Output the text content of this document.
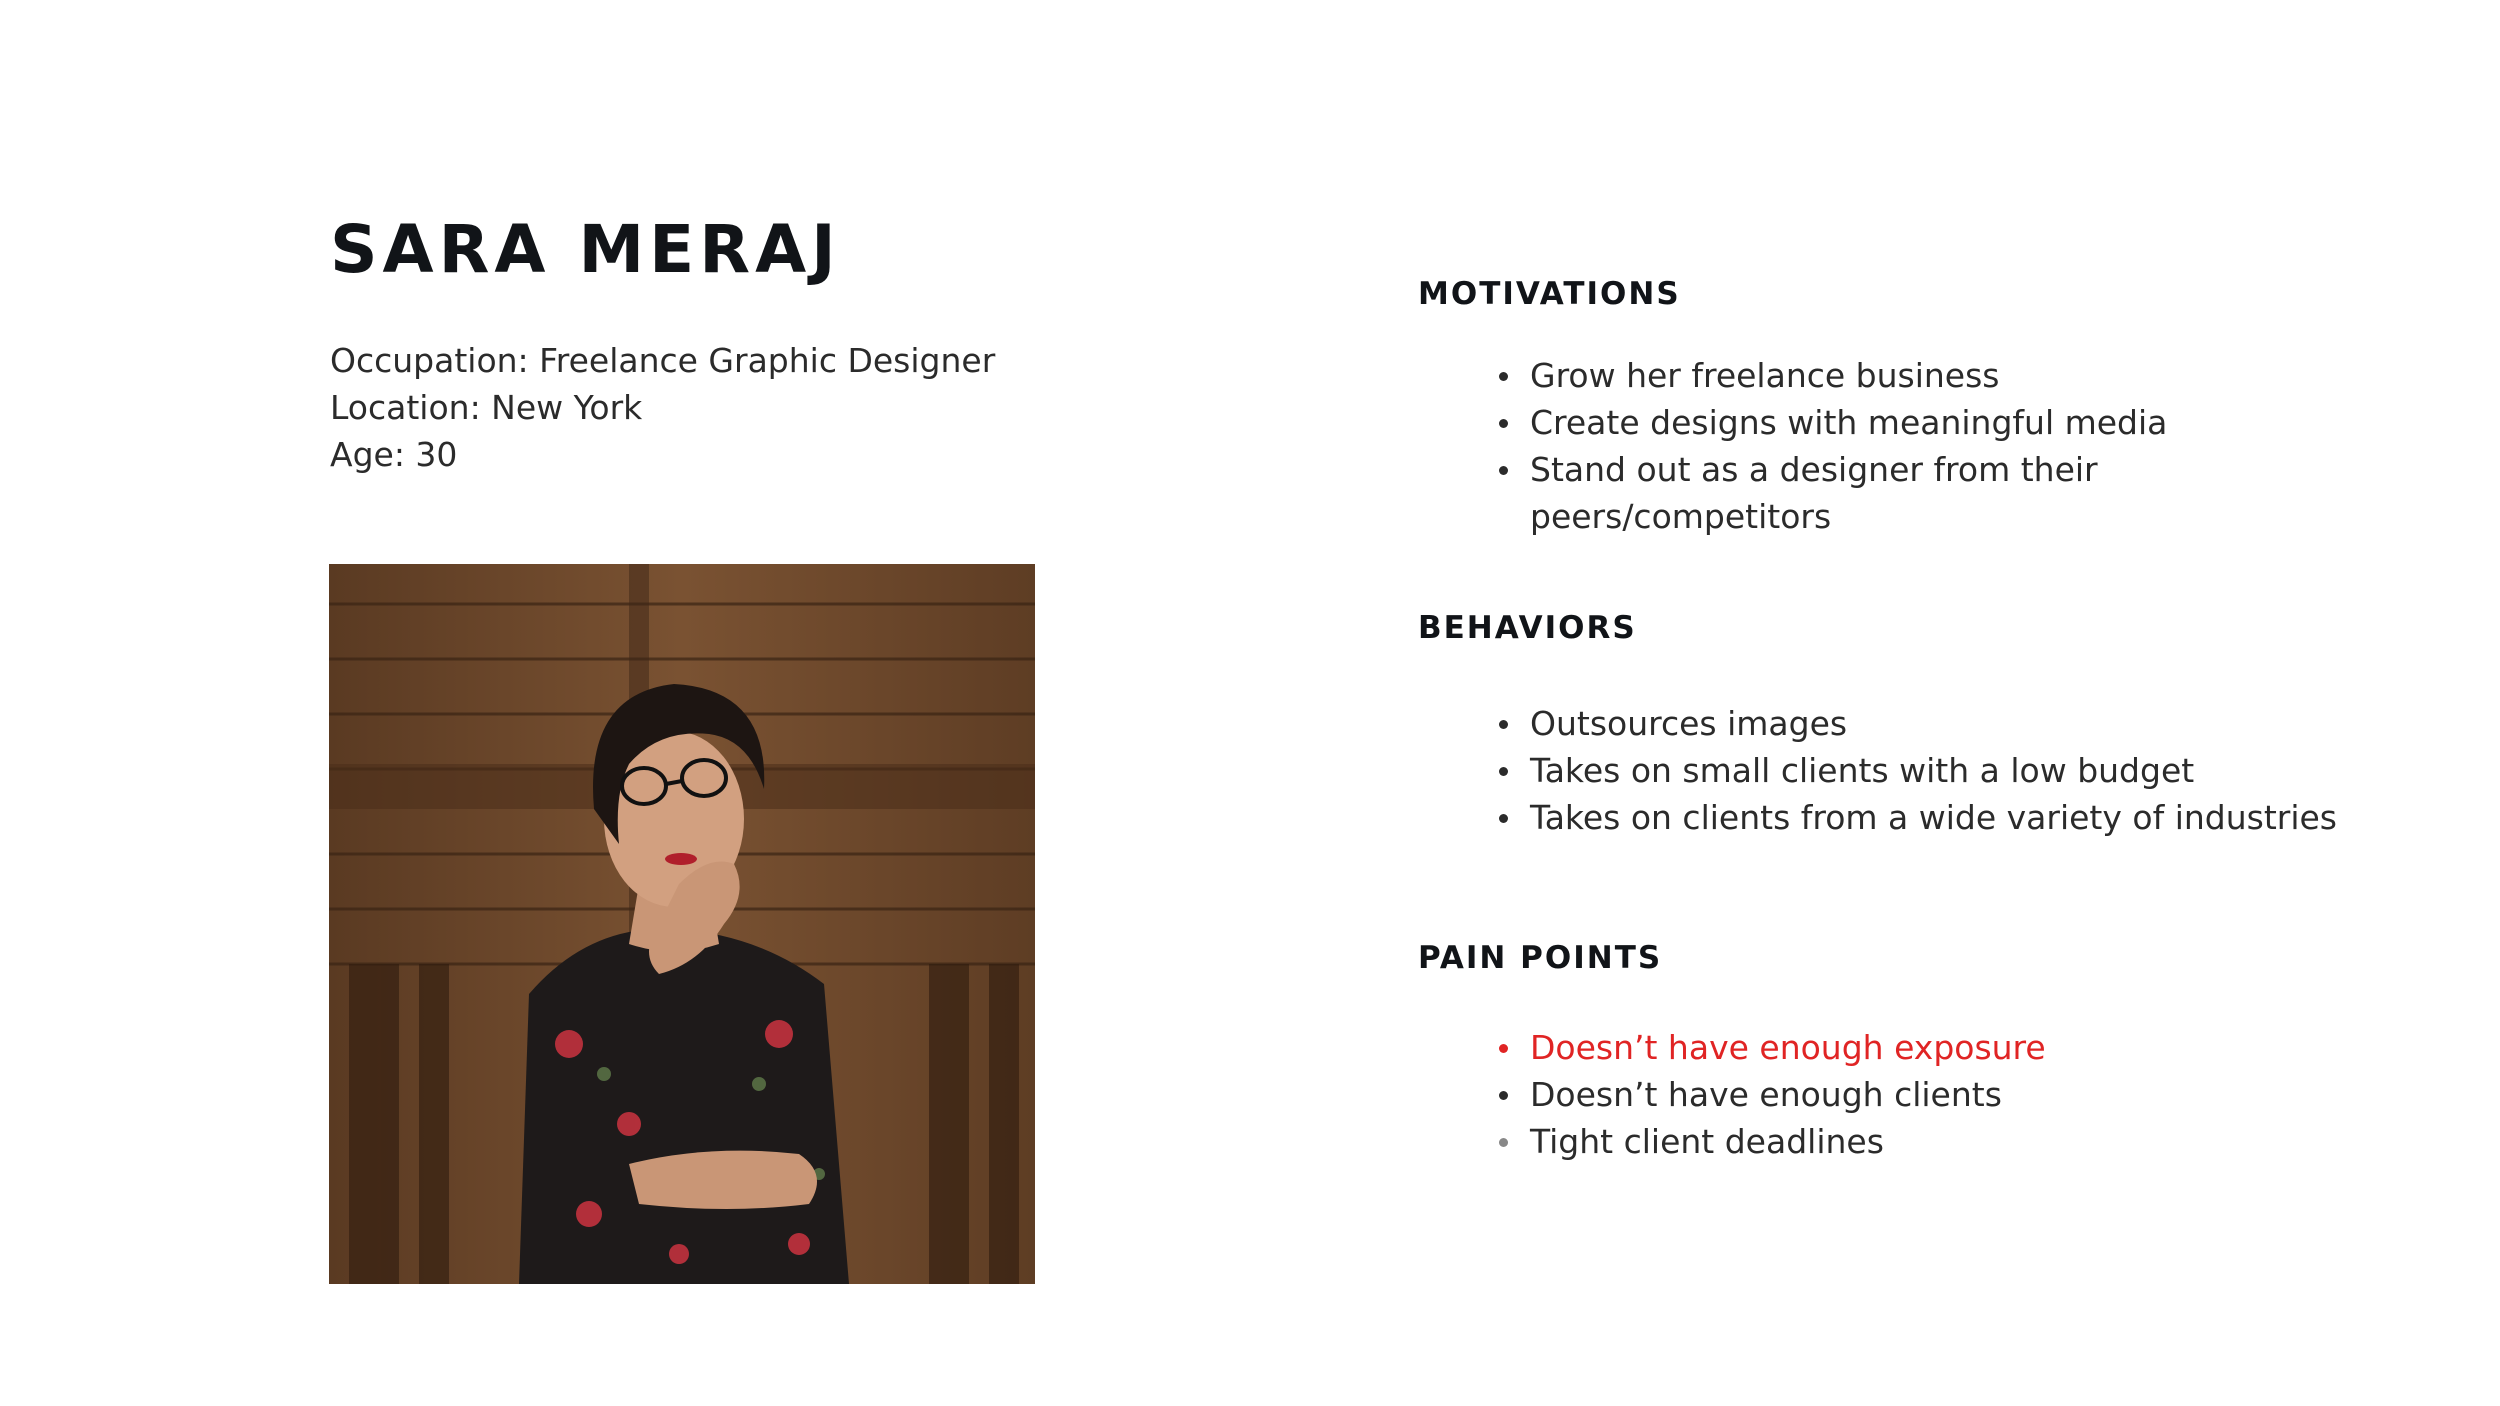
SARA MERAJ
Occupation: Freelance Graphic Designer
Location: New York
Age: 30
MOTIVATIONS
Grow her freelance business
Create designs with meaningful media
Stand out as a designer from their peers/competitors
BEHAVIORS
Outsources images
Takes on small clients with a low budget
Takes on clients from a wide variety of industries
PAIN POINTS
Doesn’t have enough exposure
Doesn’t have enough clients
Tight client deadlines
